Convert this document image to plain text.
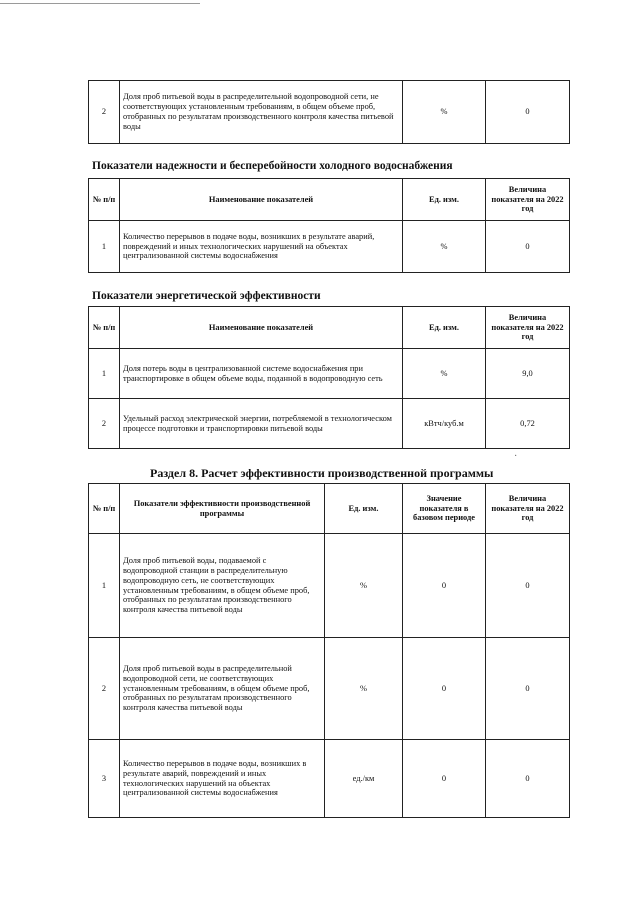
2	Доля проб питьевой воды в распределительной водопроводной сети, не соответствующих установленным требованиям, в общем объеме проб, отобранных по результатам производственного контроля качества питьевой воды	%	0
Показатели надежности и бесперебойности холодного водоснабжения
№ п/п	Наименование показателей	Ед. изм.	Величина показателя на 2022 год
1	Количество перерывов в подаче воды, возникших в результате аварий, повреждений и иных технологических нарушений на объектах централизованной системы водоснабжения	%	0
Показатели энергетической эффективности
№ п/п	Наименование показателей	Ед. изм.	Величина показателя на 2022 год
1	Доля потерь воды в централизованной системе водоснабжения при транспортировке в общем объеме воды, поданной в водопроводную сеть	%	9,0
2	Удельный расход электрической энергии, потребляемой в технологическом процессе подготовки и транспортировки питьевой воды	кВтч/куб.м	0,72
·
Раздел 8. Расчет эффективности производственной программы
№ п/п	Показатели эффективности производственной программы	Ед. изм.	Значение показателя в базовом периоде	Величина показателя на 2022 год
1	Доля проб питьевой воды, подаваемой с водопроводной станции в распределительную водопроводную сеть, не соответствующих установленным требованиям, в общем объеме проб, отобранных по результатам производственного контроля качества питьевой воды	%	0	0
2	Доля проб питьевой воды в распределительной водопроводной сети, не соответствующих установленным требованиям, в общем объеме проб, отобранных по результатам производственного контроля качества питьевой воды	%	0	0
3	Количество перерывов в подаче воды, возникших в результате аварий, повреждений и иных технологических нарушений на объектах централизованной системы водоснабжения	ед./км	0	0
